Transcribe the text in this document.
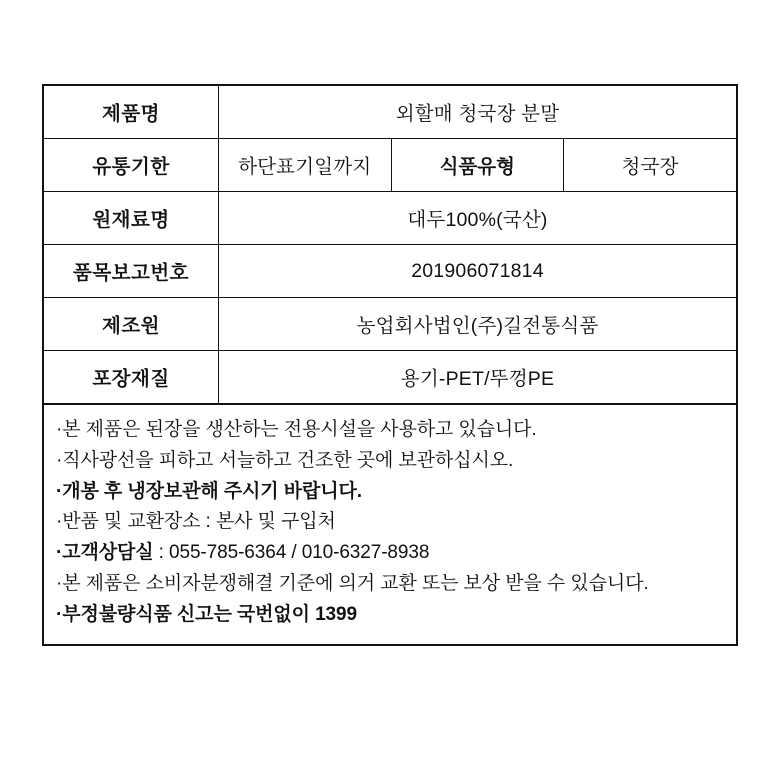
제품명	외할매 청국장 분말		
유통기한	하단표기일까지	식품유형	청국장
원재료명	대두100%(국산)		
품목보고번호	201906071814		
제조원	농업회사법인(주)길전통식품		
포장재질	용기-PET/뚜껑PE		
·본 제품은 된장을 생산하는 전용시설을 사용하고 있습니다.
·직사광선을 피하고 서늘하고 건조한 곳에 보관하십시오.
·개봉 후 냉장보관해 주시기 바랍니다.
·반품 및 교환장소 : 본사 및 구입처
·고객상담실 : 055-785-6364 / 010-6327-8938
·본 제품은 소비자분쟁해결 기준에 의거 교환 또는 보상 받을 수 있습니다.
·부정불량식품 신고는 국번없이 1399
